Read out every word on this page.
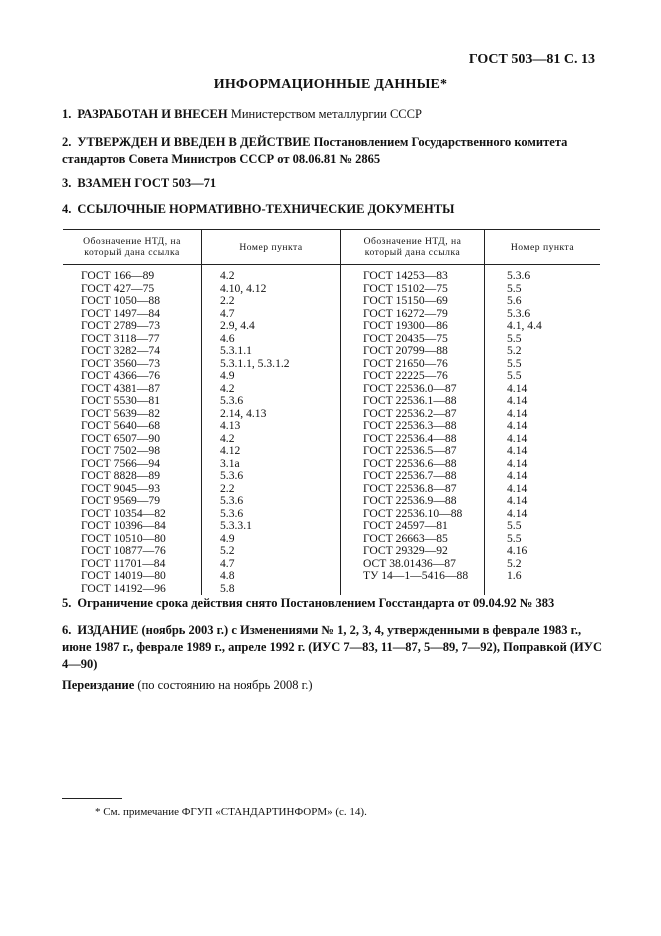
ГОСТ 503—81 С. 13
ИНФОРМАЦИОННЫЕ ДАННЫЕ*
1. РАЗРАБОТАН И ВНЕСЕН Министерством металлургии СССР
2. УТВЕРЖДЕН И ВВЕДЕН В ДЕЙСТВИЕ Постановлением Государственного комитета стандартов Совета Министров СССР от 08.06.81 № 2865
3. ВЗАМЕН ГОСТ 503—71
4. ССЫЛОЧНЫЕ НОРМАТИВНО-ТЕХНИЧЕСКИЕ ДОКУМЕНТЫ
Обозначение НТД, на который дана ссылка	Номер пункта	Обозначение НТД, на который дана ссылка	Номер пункта
ГОСТ 166—89	4.2	ГОСТ 14253—83	5.3.6
ГОСТ 427—75	4.10, 4.12	ГОСТ 15102—75	5.5
ГОСТ 1050—88	2.2	ГОСТ 15150—69	5.6
ГОСТ 1497—84	4.7	ГОСТ 16272—79	5.3.6
ГОСТ 2789—73	2.9, 4.4	ГОСТ 19300—86	4.1, 4.4
ГОСТ 3118—77	4.6	ГОСТ 20435—75	5.5
ГОСТ 3282—74	5.3.1.1	ГОСТ 20799—88	5.2
ГОСТ 3560—73	5.3.1.1, 5.3.1.2	ГОСТ 21650—76	5.5
ГОСТ 4366—76	4.9	ГОСТ 22225—76	5.5
ГОСТ 4381—87	4.2	ГОСТ 22536.0—87	4.14
ГОСТ 5530—81	5.3.6	ГОСТ 22536.1—88	4.14
ГОСТ 5639—82	2.14, 4.13	ГОСТ 22536.2—87	4.14
ГОСТ 5640—68	4.13	ГОСТ 22536.3—88	4.14
ГОСТ 6507—90	4.2	ГОСТ 22536.4—88	4.14
ГОСТ 7502—98	4.12	ГОСТ 22536.5—87	4.14
ГОСТ 7566—94	3.1а	ГОСТ 22536.6—88	4.14
ГОСТ 8828—89	5.3.6	ГОСТ 22536.7—88	4.14
ГОСТ 9045—93	2.2	ГОСТ 22536.8—87	4.14
ГОСТ 9569—79	5.3.6	ГОСТ 22536.9—88	4.14
ГОСТ 10354—82	5.3.6	ГОСТ 22536.10—88	4.14
ГОСТ 10396—84	5.3.3.1	ГОСТ 24597—81	5.5
ГОСТ 10510—80	4.9	ГОСТ 26663—85	5.5
ГОСТ 10877—76	5.2	ГОСТ 29329—92	4.16
ГОСТ 11701—84	4.7	ОСТ 38.01436—87	5.2
ГОСТ 14019—80	4.8	ТУ 14—1—5416—88	1.6
ГОСТ 14192—96	5.8		
5. Ограничение срока действия снято Постановлением Госстандарта от 09.04.92 № 383
6. ИЗДАНИЕ (ноябрь 2003 г.) с Изменениями № 1, 2, 3, 4, утвержденными в феврале 1983 г., июне 1987 г., феврале 1989 г., апреле 1992 г. (ИУС 7—83, 11—87, 5—89, 7—92), Поправкой (ИУС 4—90)
Переиздание (по состоянию на ноябрь 2008 г.)
* См. примечание ФГУП «СТАНДАРТИНФОРМ» (с. 14).
